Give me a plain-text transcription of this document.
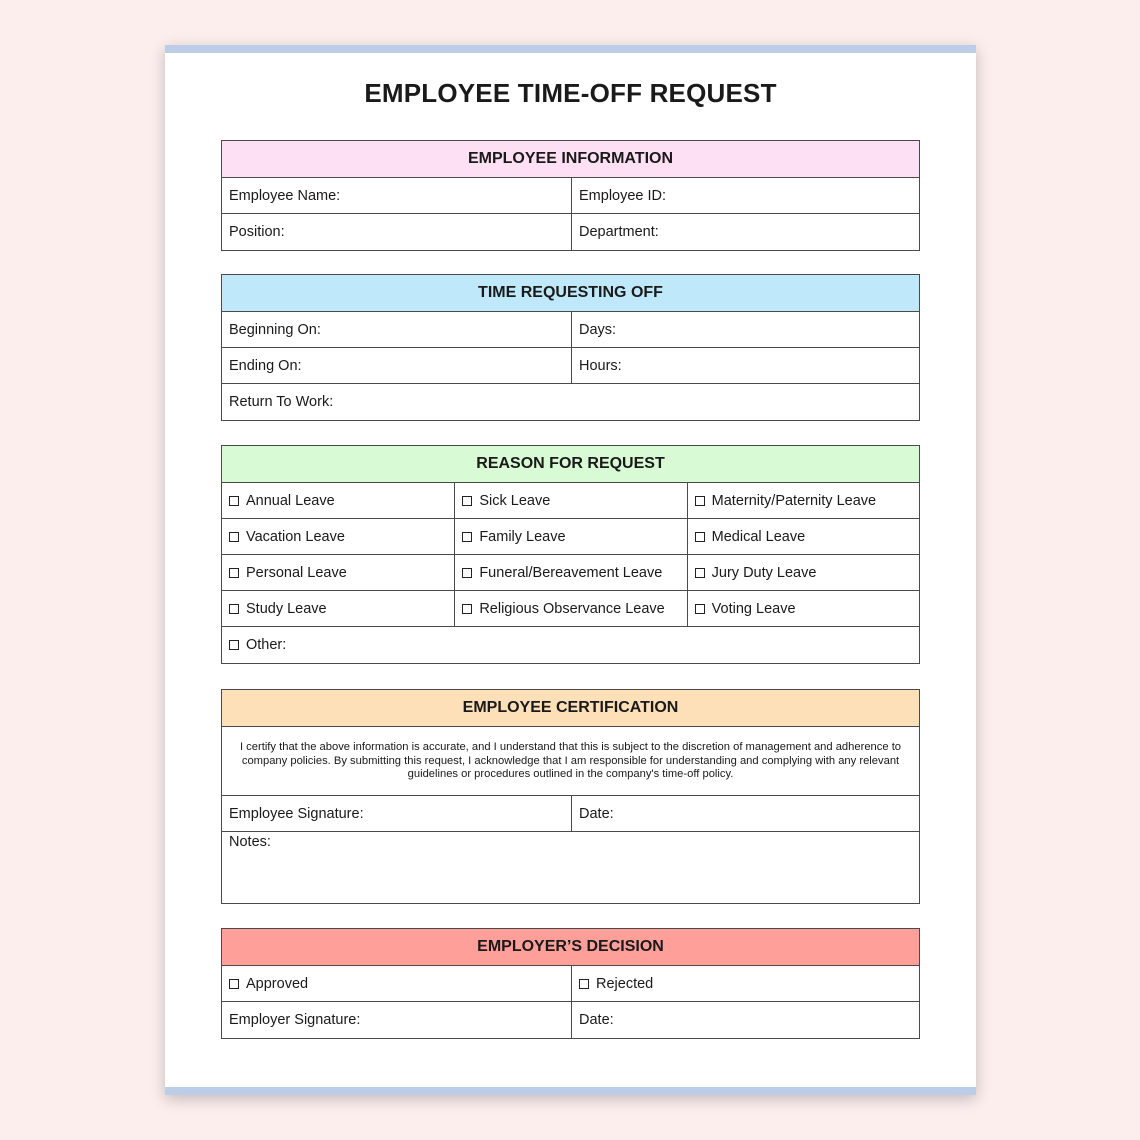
EMPLOYEE TIME-OFF REQUEST
EMPLOYEE INFORMATION
Employee Name:	Employee ID:
Position:	Department:
TIME REQUESTING OFF
Beginning On:	Days:
Ending On:	Hours:
Return To Work:
REASON FOR REQUEST
Annual Leave	Sick Leave	Maternity/Paternity Leave
Vacation Leave	Family Leave	Medical Leave
Personal Leave	Funeral/Bereavement Leave	Jury Duty Leave
Study Leave	Religious Observance Leave	Voting Leave
Other:
EMPLOYEE CERTIFICATION
I certify that the above information is accurate, and I understand that this is subject to the discretion of management and adherence to company policies. By submitting this request, I acknowledge that I am responsible for understanding and complying with any relevant guidelines or procedures outlined in the company's time-off policy.
Employee Signature:	Date:
Notes:
EMPLOYER’S DECISION
Approved	Rejected
Employer Signature:	Date:
